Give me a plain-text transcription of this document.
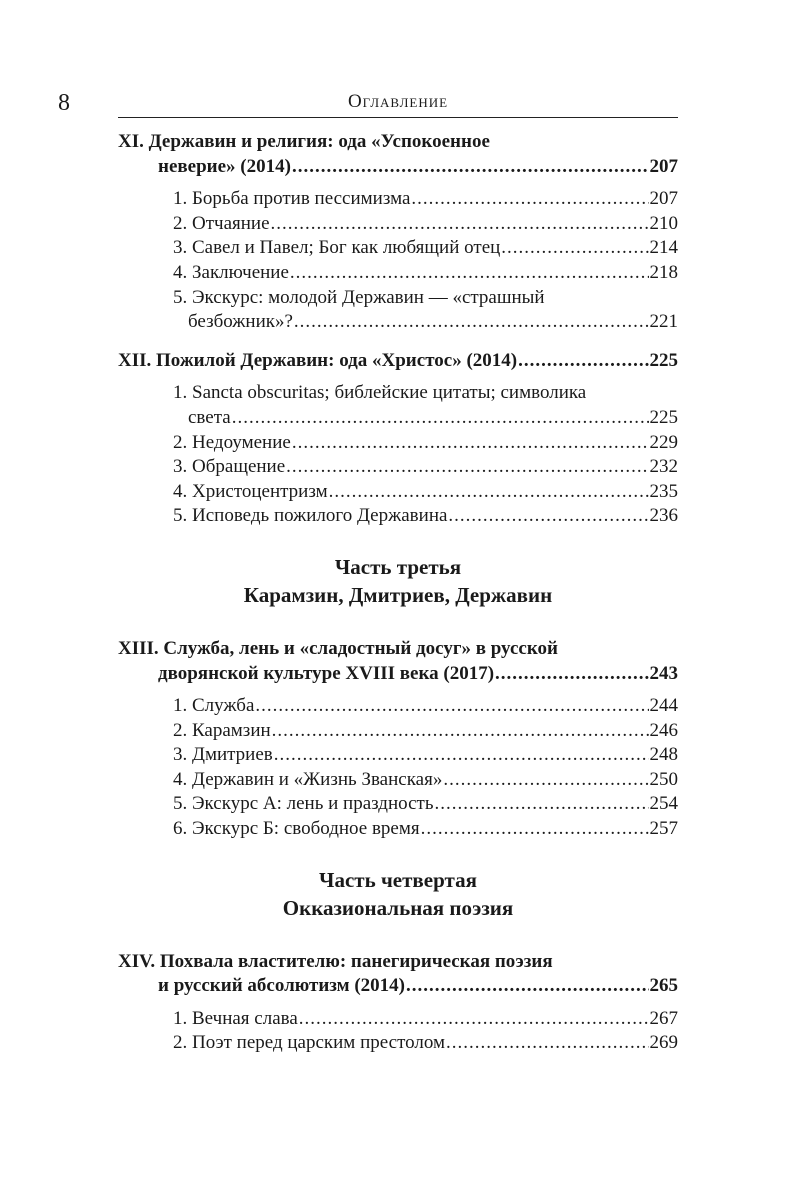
8	Оглавление
XI. Державин и религия: ода «Успокоенное
неверие» (2014) .....	207
1. Борьба против пессимизма .....	207
2. Отчаяние .....	210
3. Савел и Павел; Бог как любящий отец .....	214
4. Заключение .....	218
5. Экскурс: молодой Державин — «страшный
безбожник»? .....	221
XII. Пожилой Державин: ода «Христос» (2014) .....	225
1. Sancta obscuritas; библейские цитаты; символика
света .....	225
2. Недоумение .....	229
3. Обращение .....	232
4. Христоцентризм .....	235
5. Исповедь пожилого Державина .....	236
Часть третья
Карамзин, Дмитриев, Державин
XIII. Служба, лень и «сладостный досуг» в русской
дворянской культуре XVIII века (2017) .....	243
1. Служба .....	244
2. Карамзин .....	246
3. Дмитриев .....	248
4. Державин и «Жизнь Званская» .....	250
5. Экскурс А: лень и праздность .....	254
6. Экскурс Б: свободное время .....	257
Часть четвертая
Окказиональная поэзия
XIV. Похвала властителю: панегирическая поэзия
и русский абсолютизм (2014) .....	265
1. Вечная слава .....	267
2. Поэт перед царским престолом .....	269
